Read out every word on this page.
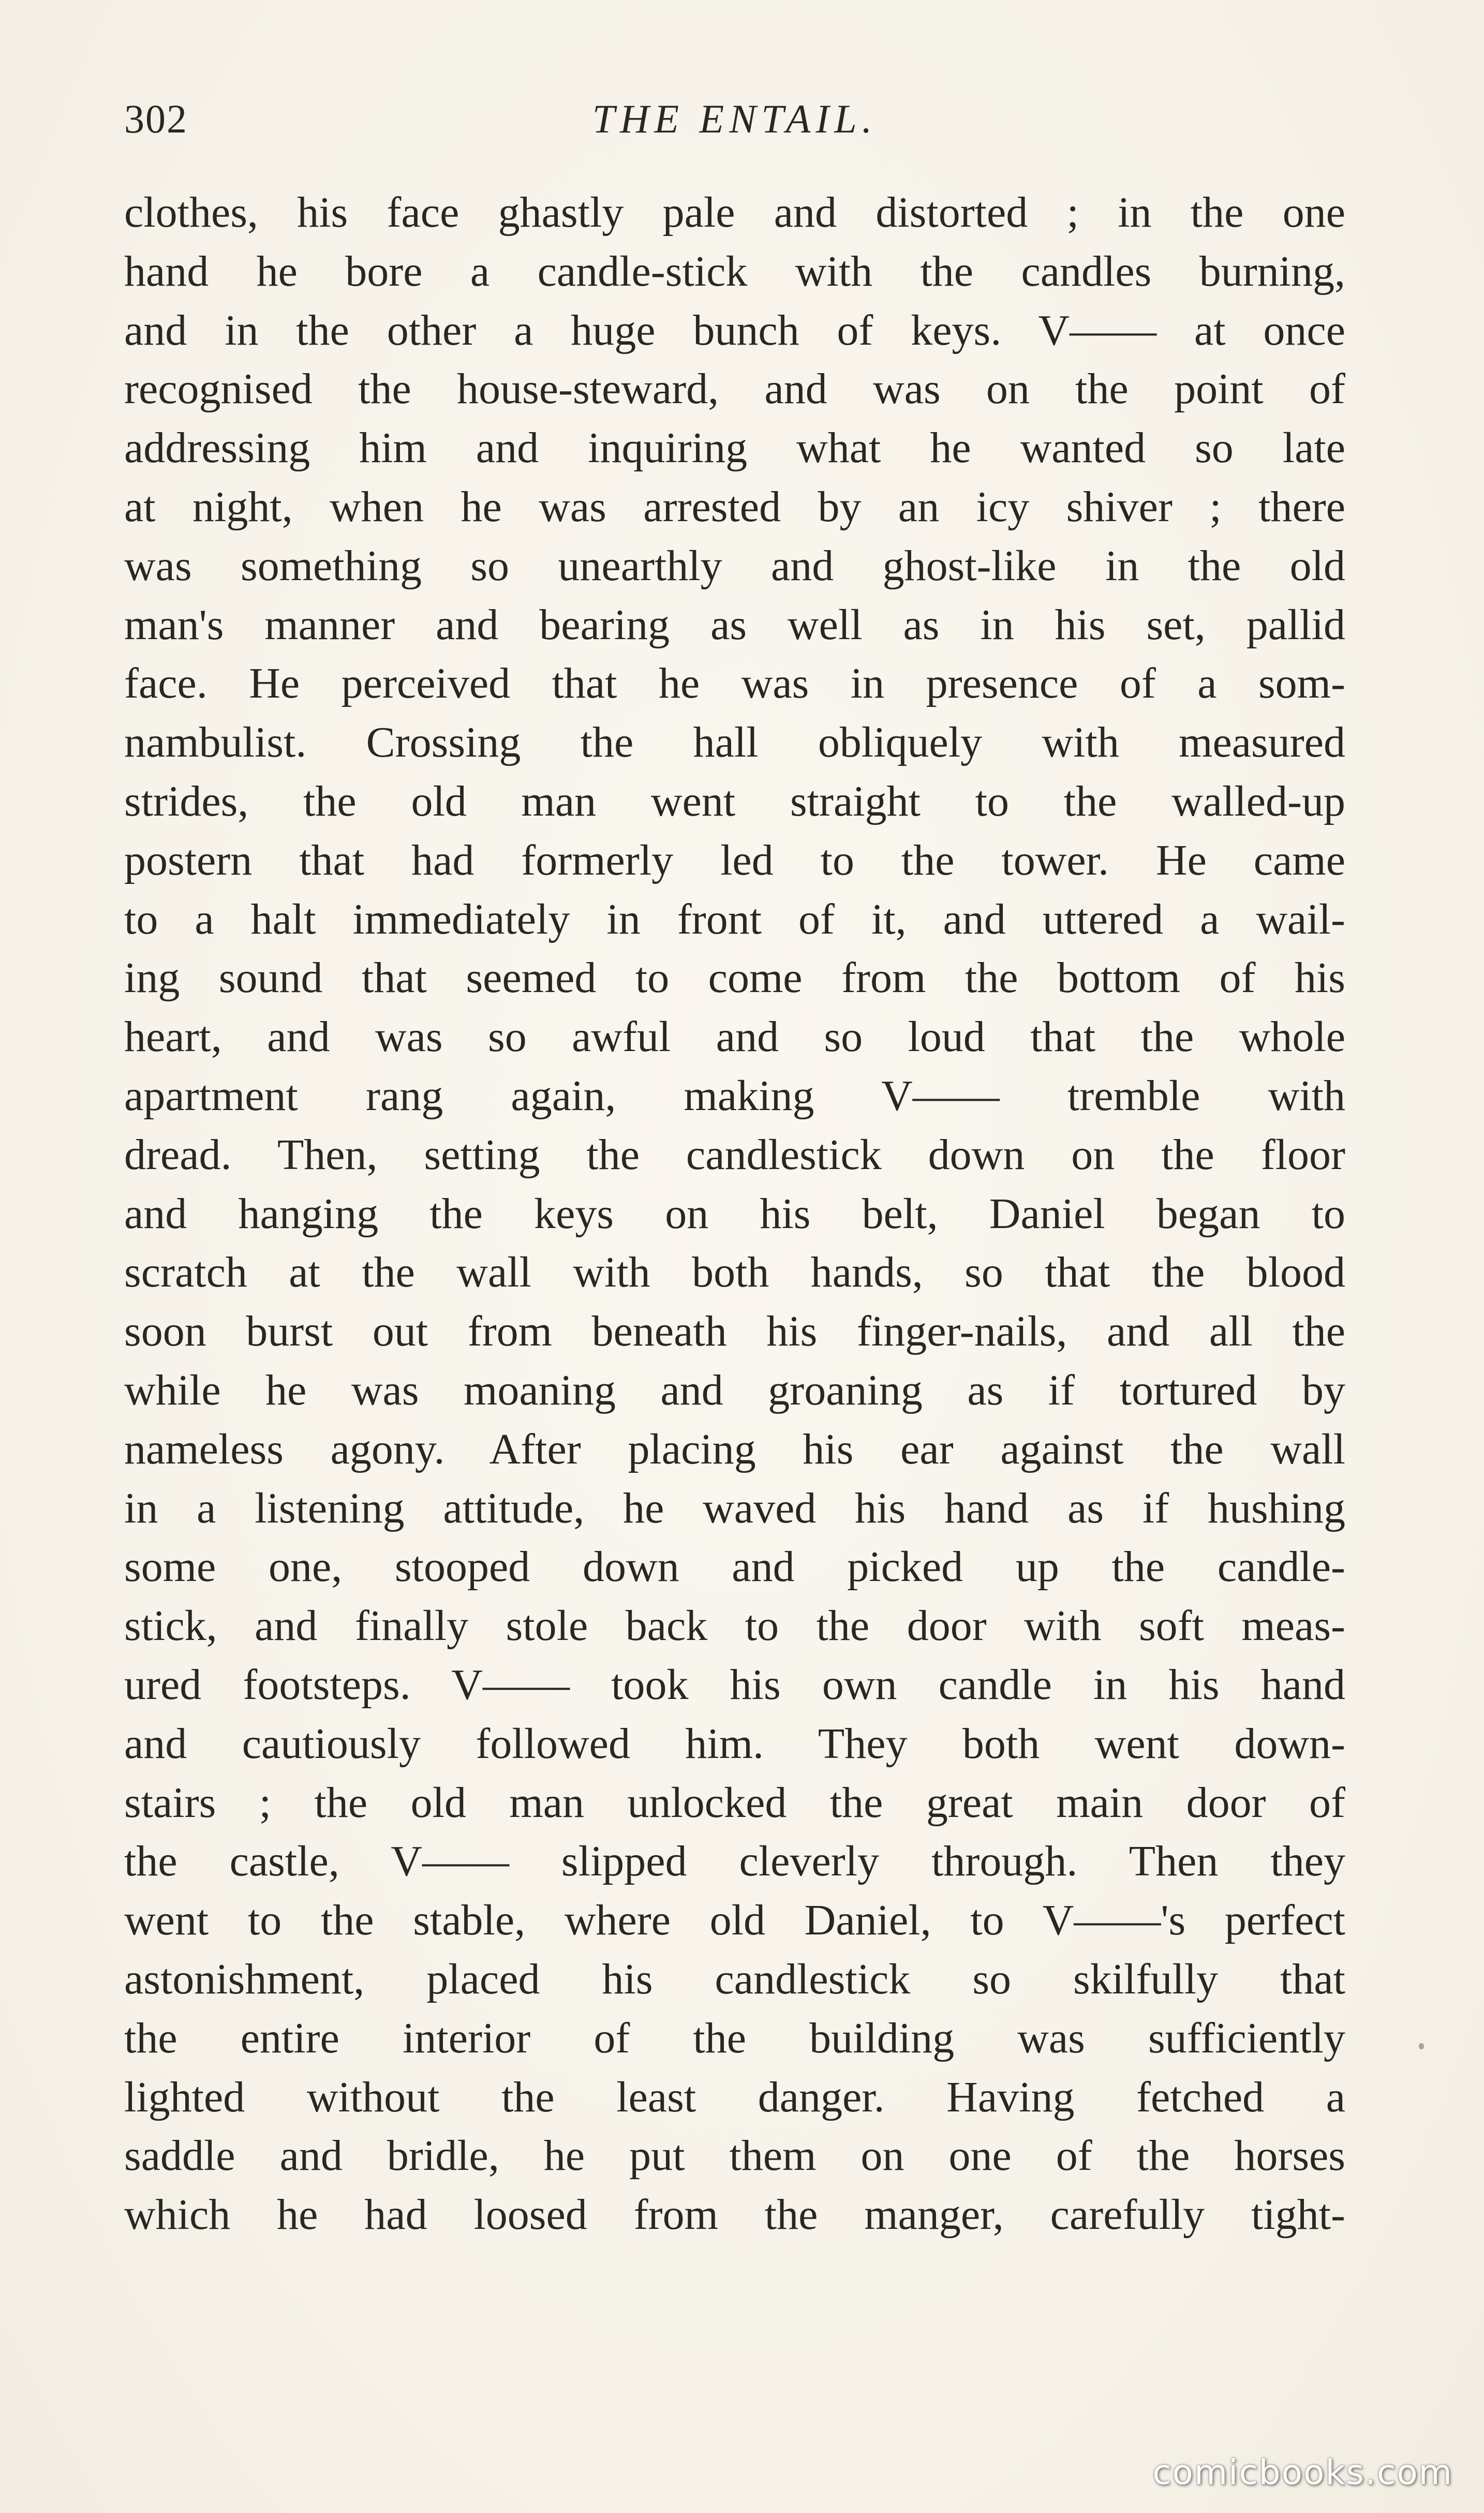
302	THE ENTAIL.
clothes, his face ghastly pale and distorted ; in the one
hand he bore a candle-stick with the candles burning,
and in the other a huge bunch of keys. V—— at once
recognised the house-steward, and was on the point of
addressing him and inquiring what he wanted so late
at night, when he was arrested by an icy shiver ; there
was something so unearthly and ghost-like in the old
man's manner and bearing as well as in his set, pallid
face. He perceived that he was in presence of a som-
nambulist. Crossing the hall obliquely with measured
strides, the old man went straight to the walled-up
postern that had formerly led to the tower. He came
to a halt immediately in front of it, and uttered a wail-
ing sound that seemed to come from the bottom of his
heart, and was so awful and so loud that the whole
apartment rang again, making V—— tremble with
dread. Then, setting the candlestick down on the floor
and hanging the keys on his belt, Daniel began to
scratch at the wall with both hands, so that the blood
soon burst out from beneath his finger-nails, and all the
while he was moaning and groaning as if tortured by
nameless agony. After placing his ear against the wall
in a listening attitude, he waved his hand as if hushing
some one, stooped down and picked up the candle-
stick, and finally stole back to the door with soft meas-
ured footsteps. V—— took his own candle in his hand
and cautiously followed him. They both went down-
stairs ; the old man unlocked the great main door of
the castle, V—— slipped cleverly through. Then they
went to the stable, where old Daniel, to V——'s perfect
astonishment, placed his candlestick so skilfully that
the entire interior of the building was sufficiently
lighted without the least danger. Having fetched a
saddle and bridle, he put them on one of the horses
which he had loosed from the manger, carefully tight-
comicbooks.com
